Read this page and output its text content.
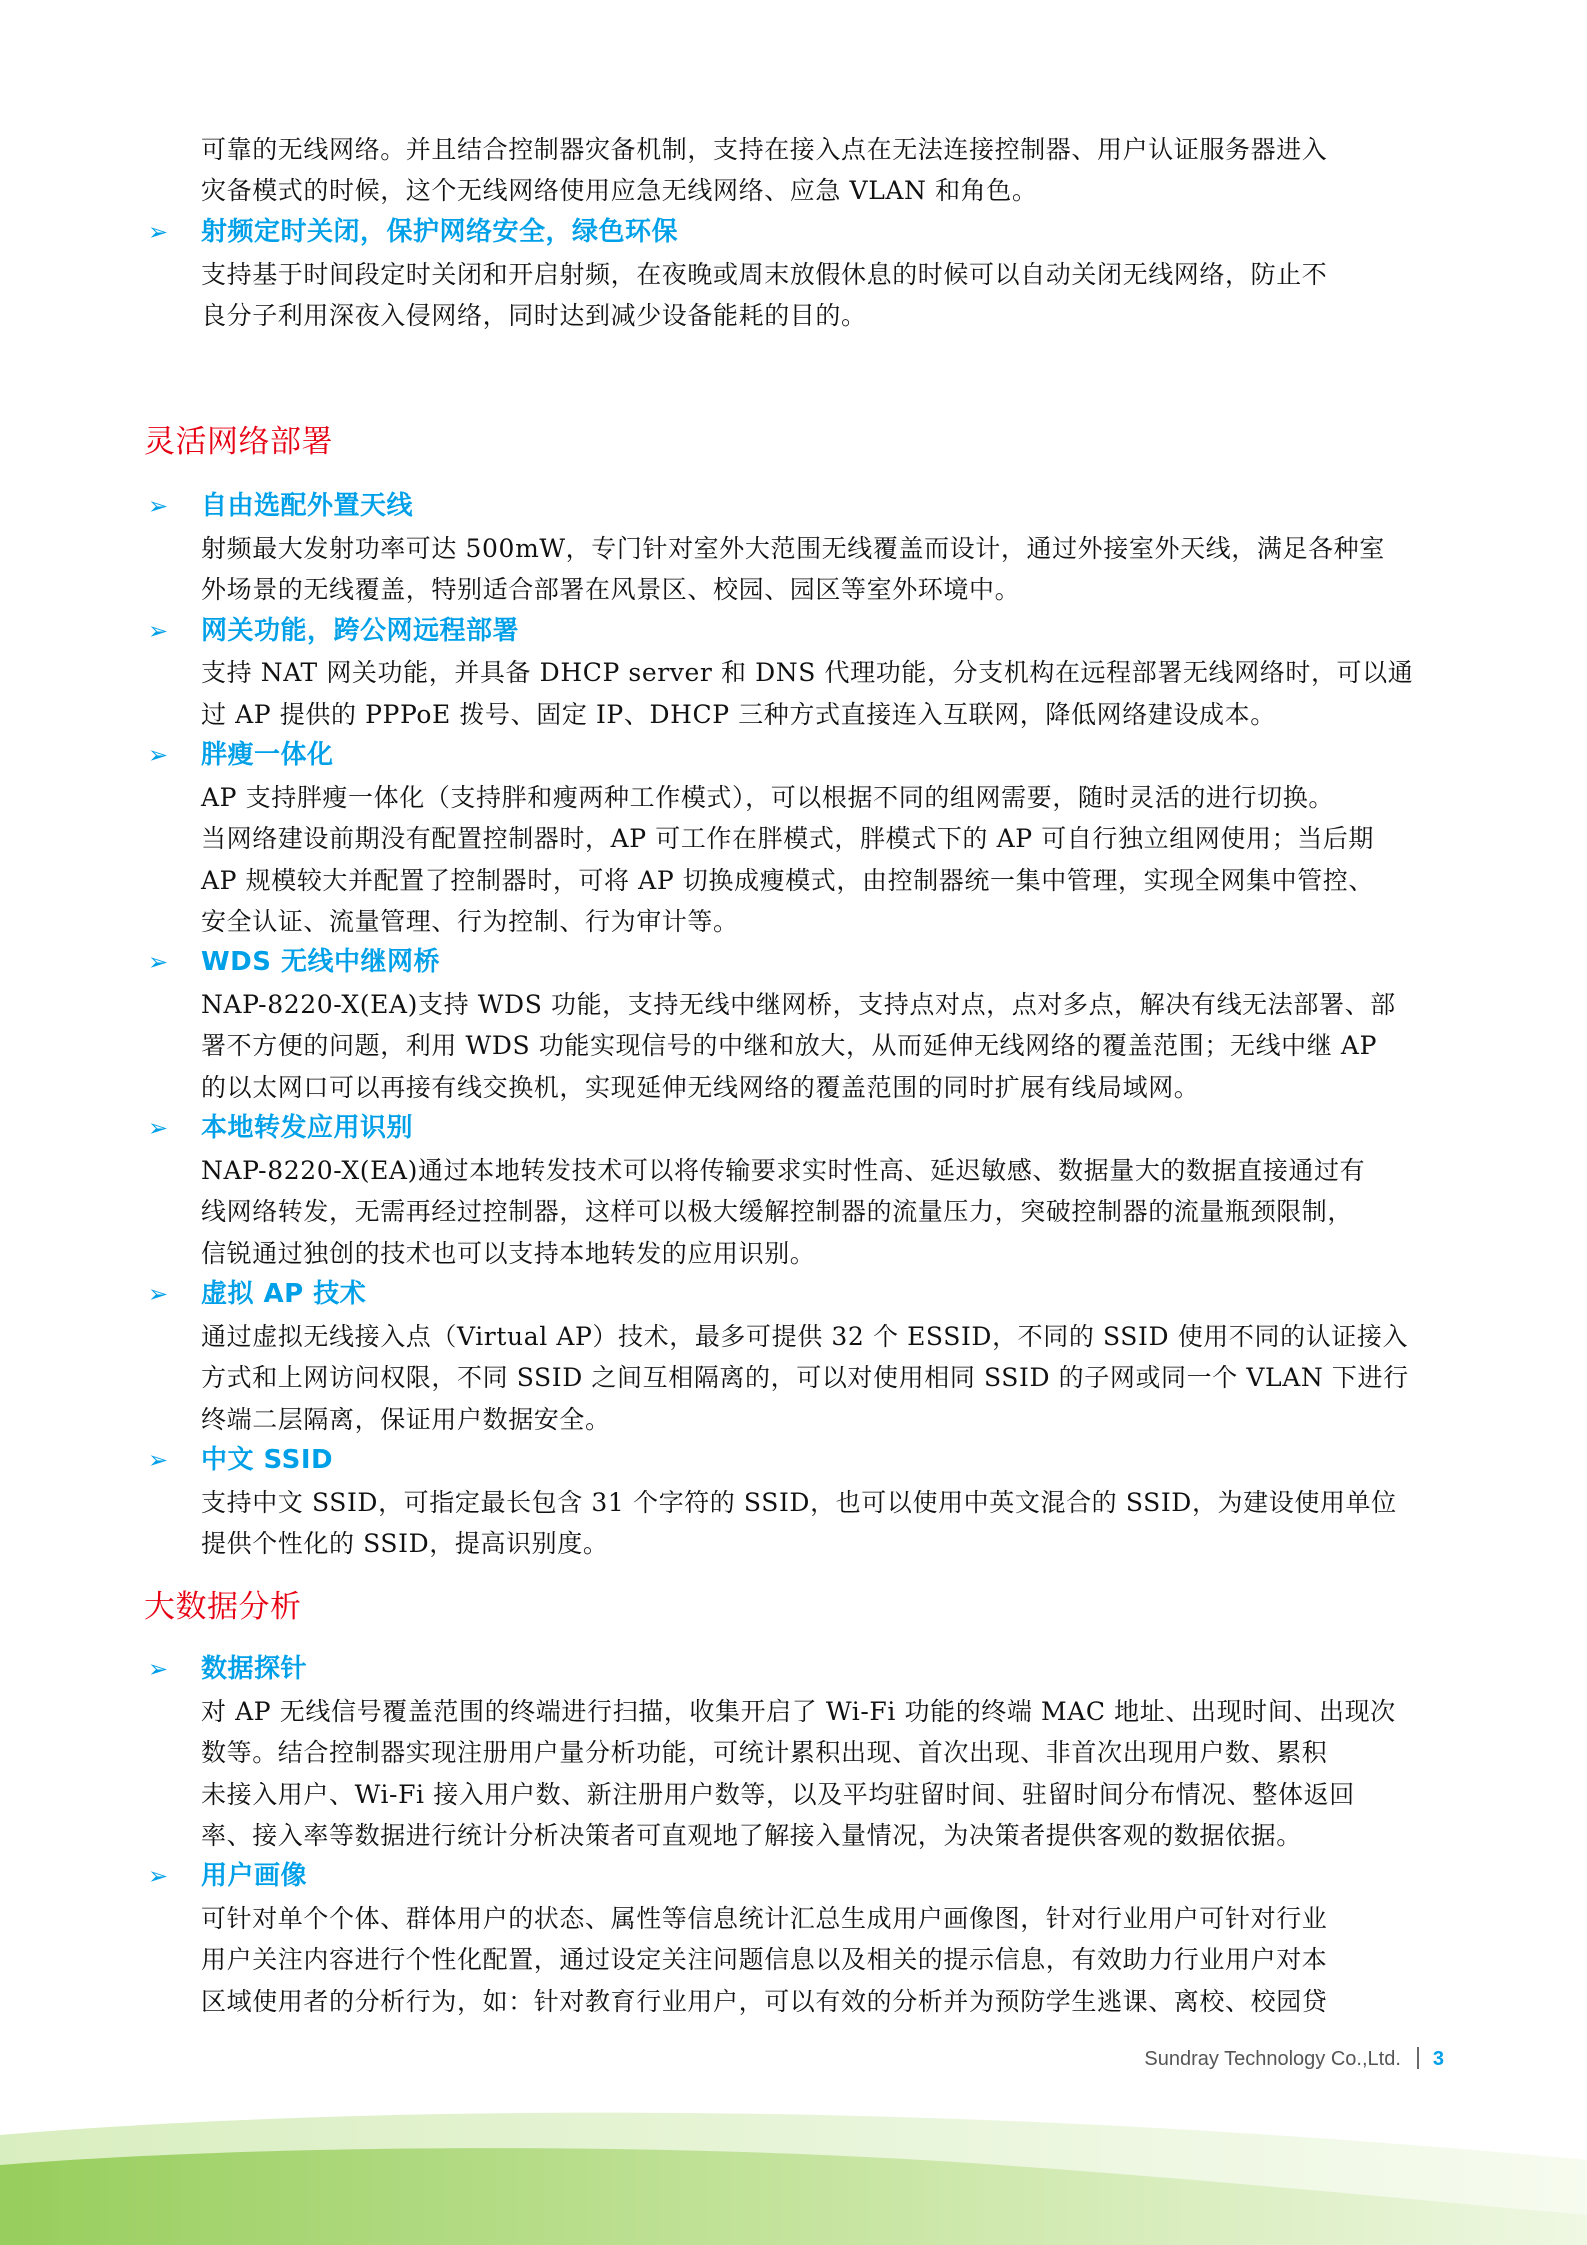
可靠的无线网络。并且结合控制器灾备机制，支持在接入点在无法连接控制器、用户认证服务器进入
灾备模式的时候，这个无线网络使用应急无线网络、应急 VLAN 和角色。
➢ 射频定时关闭，保护网络安全，绿色环保
支持基于时间段定时关闭和开启射频，在夜晚或周末放假休息的时候可以自动关闭无线网络，防止不
良分子利用深夜入侵网络，同时达到减少设备能耗的目的。
灵活网络部署
➢ 自由选配外置天线
射频最大发射功率可达 500mW，专门针对室外大范围无线覆盖而设计，通过外接室外天线，满足各种室
外场景的无线覆盖，特别适合部署在风景区、校园、园区等室外环境中。
➢ 网关功能，跨公网远程部署
支持 NAT 网关功能，并具备 DHCP server 和 DNS 代理功能，分支机构在远程部署无线网络时，可以通
过 AP 提供的 PPPoE 拨号、固定 IP、DHCP 三种方式直接连入互联网，降低网络建设成本。
➢ 胖瘦一体化
AP 支持胖瘦一体化（支持胖和瘦两种工作模式），可以根据不同的组网需要，随时灵活的进行切换。
当网络建设前期没有配置控制器时，AP 可工作在胖模式，胖模式下的 AP 可自行独立组网使用；当后期
AP 规模较大并配置了控制器时，可将 AP 切换成瘦模式，由控制器统一集中管理，实现全网集中管控、
安全认证、流量管理、行为控制、行为审计等。
➢ WDS 无线中继网桥
NAP-8220-X(EA)支持 WDS 功能，支持无线中继网桥，支持点对点，点对多点，解决有线无法部署、部
署不方便的问题，利用 WDS 功能实现信号的中继和放大，从而延伸无线网络的覆盖范围；无线中继 AP
的以太网口可以再接有线交换机，实现延伸无线网络的覆盖范围的同时扩展有线局域网。
➢ 本地转发应用识别
NAP-8220-X(EA)通过本地转发技术可以将传输要求实时性高、延迟敏感、数据量大的数据直接通过有
线网络转发，无需再经过控制器，这样可以极大缓解控制器的流量压力，突破控制器的流量瓶颈限制，
信锐通过独创的技术也可以支持本地转发的应用识别。
➢ 虚拟 AP 技术
通过虚拟无线接入点（Virtual AP）技术，最多可提供 32 个 ESSID，不同的 SSID 使用不同的认证接入
方式和上网访问权限，不同 SSID 之间互相隔离的，可以对使用相同 SSID 的子网或同一个 VLAN 下进行
终端二层隔离，保证用户数据安全。
➢ 中文 SSID
支持中文 SSID，可指定最长包含 31 个字符的 SSID，也可以使用中英文混合的 SSID，为建设使用单位
提供个性化的 SSID，提高识别度。
大数据分析
➢ 数据探针
对 AP 无线信号覆盖范围的终端进行扫描，收集开启了 Wi-Fi 功能的终端 MAC 地址、出现时间、出现次
数等。结合控制器实现注册用户量分析功能，可统计累积出现、首次出现、非首次出现用户数、累积
未接入用户、Wi-Fi 接入用户数、新注册用户数等，以及平均驻留时间、驻留时间分布情况、整体返回
率、接入率等数据进行统计分析决策者可直观地了解接入量情况，为决策者提供客观的数据依据。
➢ 用户画像
可针对单个个体、群体用户的状态、属性等信息统计汇总生成用户画像图，针对行业用户可针对行业
用户关注内容进行个性化配置，通过设定关注问题信息以及相关的提示信息，有效助力行业用户对本
区域使用者的分析行为，如：针对教育行业用户，可以有效的分析并为预防学生逃课、离校、校园贷
Sundray Technology Co.,Ltd. 3
